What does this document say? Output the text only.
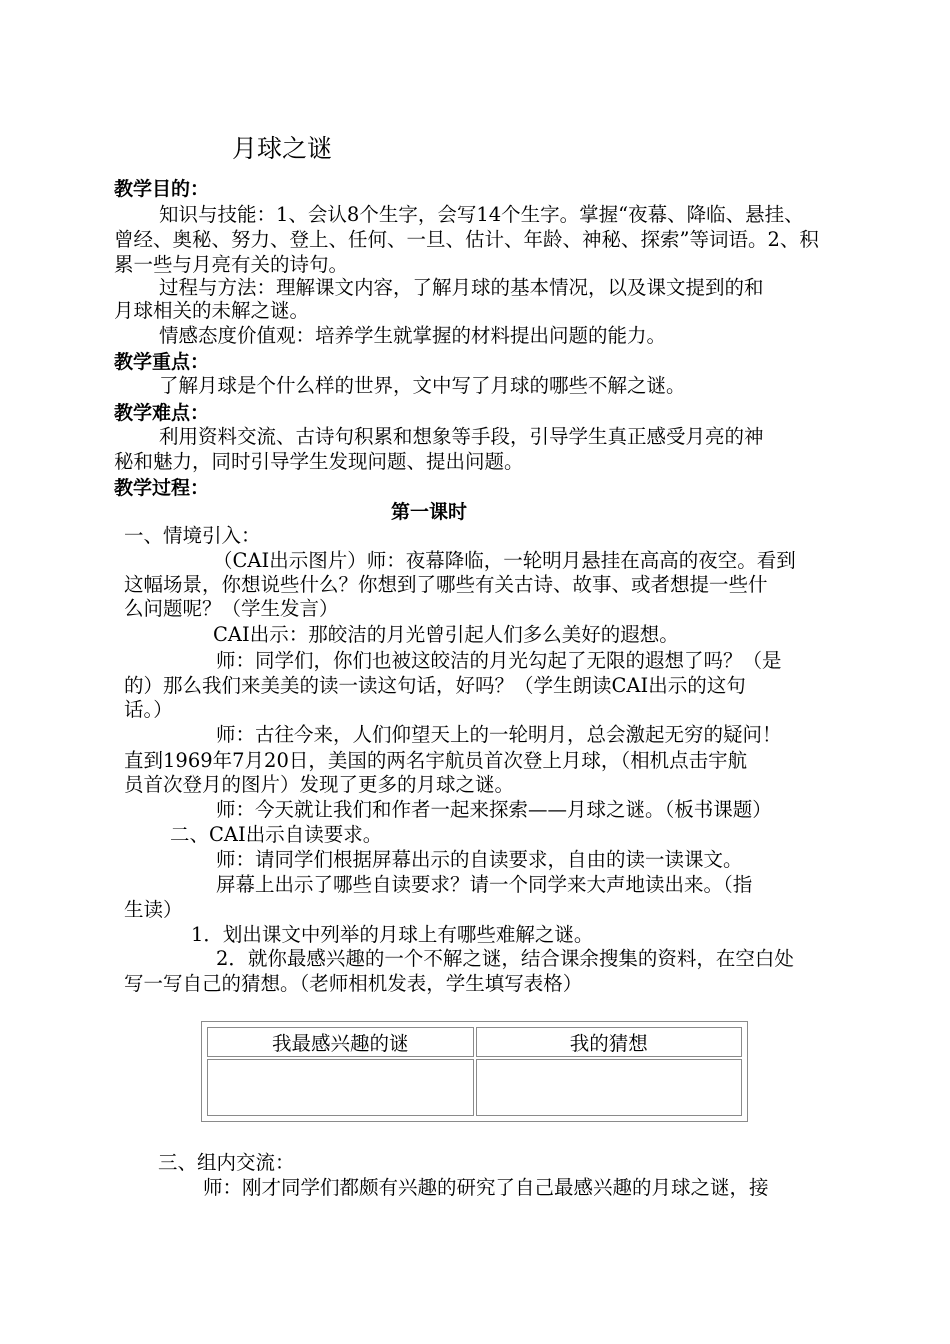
月球之谜
教学目的：
知识与技能：1、会认8个生字，会写14个生字。掌握“夜幕、降临、悬挂、
曾经、奥秘、努力、登上、任何、一旦、估计、年龄、神秘、探索”等词语。2、积
累一些与月亮有关的诗句。
过程与方法：理解课文内容，了解月球的基本情况，以及课文提到的和
月球相关的未解之谜。
情感态度价值观：培养学生就掌握的材料提出问题的能力。
教学重点：
了解月球是个什么样的世界，文中写了月球的哪些不解之谜。
教学难点：
利用资料交流、古诗句积累和想象等手段，引导学生真正感受月亮的神
秘和魅力，同时引导学生发现问题、提出问题。
教学过程：
第一课时
一、情境引入：
（CAI出示图片）师：夜幕降临，一轮明月悬挂在高高的夜空。看到
这幅场景，你想说些什么？你想到了哪些有关古诗、故事、或者想提一些什
么问题呢？（学生发言）
CAI出示：那皎洁的月光曾引起人们多么美好的遐想。
师：同学们，你们也被这皎洁的月光勾起了无限的遐想了吗？（是
的）那么我们来美美的读一读这句话，好吗？（学生朗读CAI出示的这句
话。）
师：古往今来，人们仰望天上的一轮明月，总会激起无穷的疑问！
直到1969年7月20日，美国的两名宇航员首次登上月球，（相机点击宇航
员首次登月的图片）发现了更多的月球之谜。
师：今天就让我们和作者一起来探索——月球之谜。（板书课题）
二、CAI出示自读要求。
师：请同学们根据屏幕出示的自读要求，自由的读一读课文。
屏幕上出示了哪些自读要求？请一个同学来大声地读出来。（指
生读）
1．划出课文中列举的月球上有哪些难解之谜。
2．就你最感兴趣的一个不解之谜，结合课余搜集的资料，在空白处
写一写自己的猜想。（老师相机发表，学生填写表格）
我最感兴趣的谜	我的猜想

三、组内交流：
师：刚才同学们都颇有兴趣的研究了自己最感兴趣的月球之谜，接
